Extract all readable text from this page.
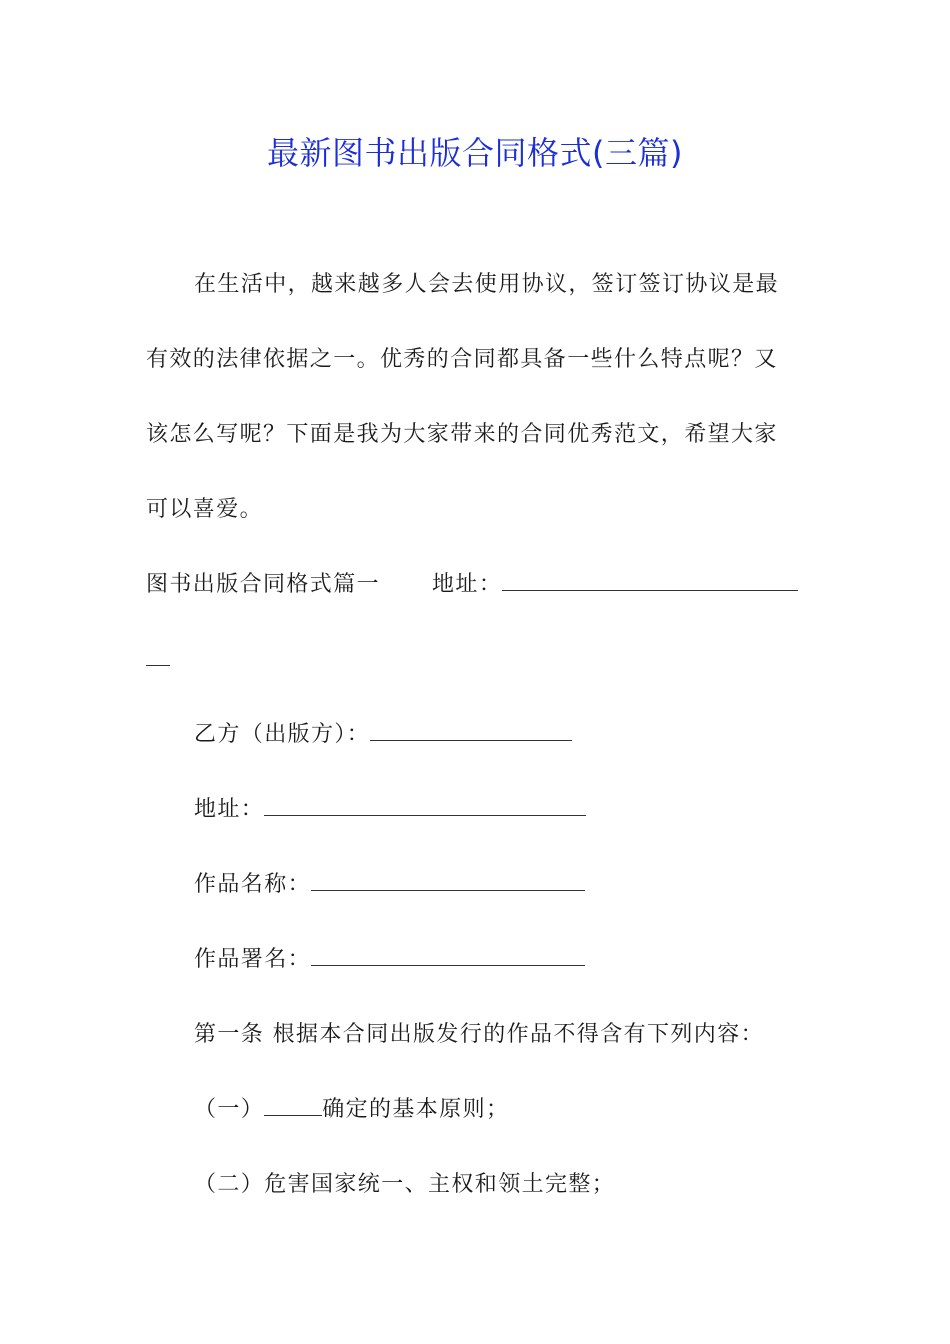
最新图书出版合同格式(三篇)
在生活中，越来越多人会去使用协议，签订签订协议是最
有效的法律依据之一。优秀的合同都具备一些什么特点呢？又
该怎么写呢？下面是我为大家带来的合同优秀范文，希望大家
可以喜爱。
图书出版合同格式篇一 地址：
乙方（出版方）：
地址：
作品名称：
作品署名：
第一条 根据本合同出版发行的作品不得含有下列内容：
（一）	确定的基本原则；
（二）危害国家统一、主权和领土完整；
